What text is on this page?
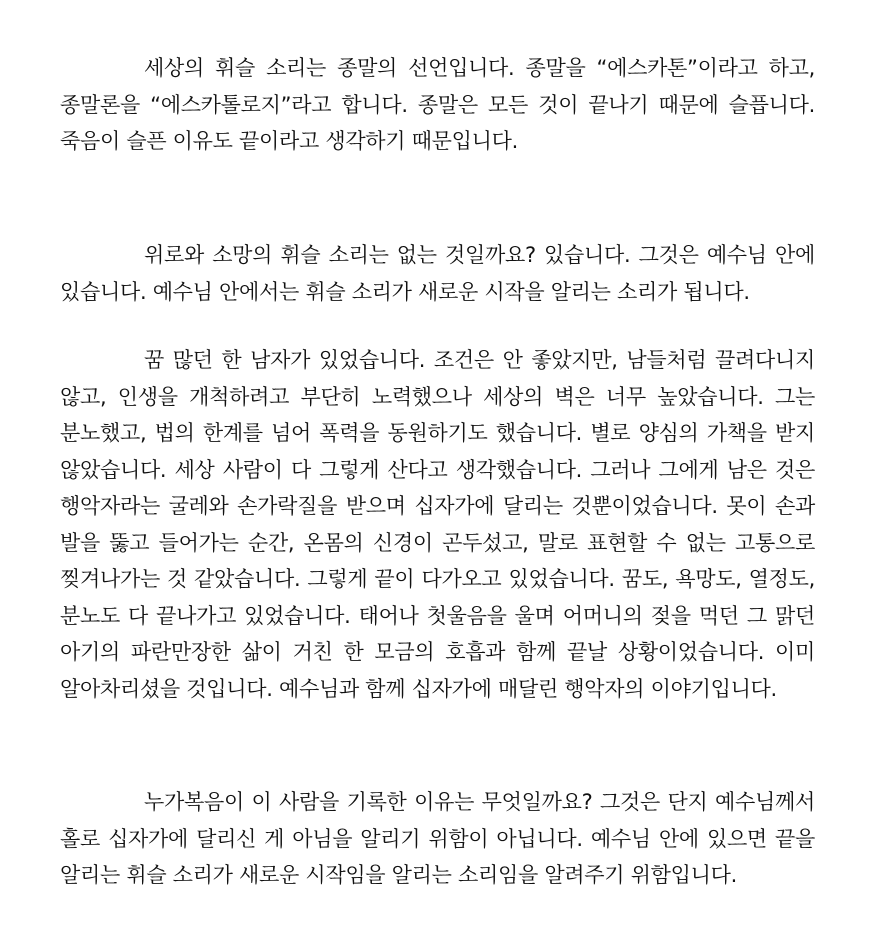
세상의 휘슬 소리는 종말의 선언입니다. 종말을 “에스카톤”이라고 하고, 종말론을 “에스카톨로지”라고 합니다. 종말은 모든 것이 끝나기 때문에 슬픕니다. 죽음이 슬픈 이유도 끝이라고 생각하기 때문입니다.

위로와 소망의 휘슬 소리는 없는 것일까요? 있습니다. 그것은 예수님 안에 있습니다. 예수님 안에서는 휘슬 소리가 새로운 시작을 알리는 소리가 됩니다.

꿈 많던 한 남자가 있었습니다. 조건은 안 좋았지만, 남들처럼 끌려다니지 않고, 인생을 개척하려고 부단히 노력했으나 세상의 벽은 너무 높았습니다. 그는 분노했고, 법의 한계를 넘어 폭력을 동원하기도 했습니다. 별로 양심의 가책을 받지 않았습니다. 세상 사람이 다 그렇게 산다고 생각했습니다. 그러나 그에게 남은 것은 행악자라는 굴레와 손가락질을 받으며 십자가에 달리는 것뿐이었습니다. 못이 손과 발을 뚫고 들어가는 순간, 온몸의 신경이 곤두섰고, 말로 표현할 수 없는 고통으로 찢겨나가는 것 같았습니다. 그렇게 끝이 다가오고 있었습니다. 꿈도, 욕망도, 열정도, 분노도 다 끝나가고 있었습니다. 태어나 첫울음을 울며 어머니의 젖을 먹던 그 맑던 아기의 파란만장한 삶이 거친 한 모금의 호흡과 함께 끝날 상황이었습니다. 이미 알아차리셨을 것입니다. 예수님과 함께 십자가에 매달린 행악자의 이야기입니다.

누가복음이 이 사람을 기록한 이유는 무엇일까요? 그것은 단지 예수님께서 홀로 십자가에 달리신 게 아님을 알리기 위함이 아닙니다. 예수님 안에 있으면 끝을 알리는 휘슬 소리가 새로운 시작임을 알리는 소리임을 알려주기 위함입니다.
